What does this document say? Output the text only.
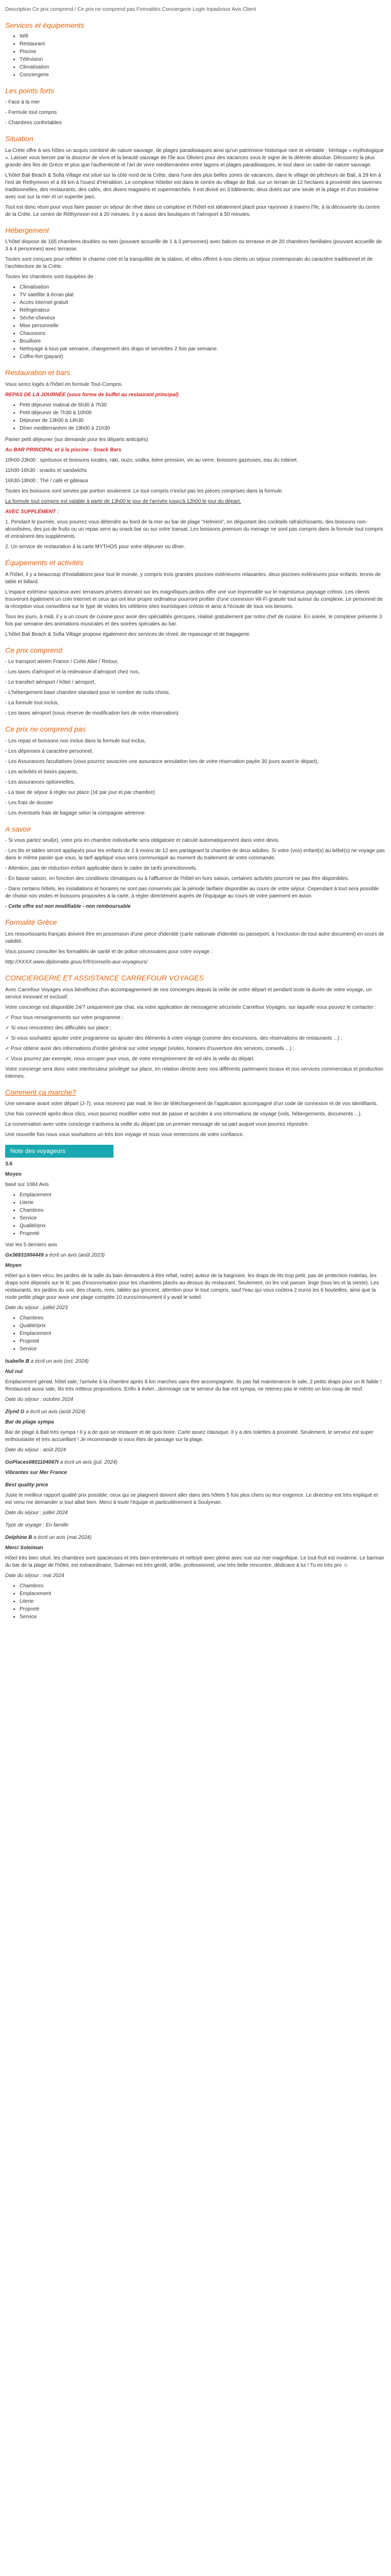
Description Ce prix comprend / Ce prix ne comprend pas Formalités Conciergerie Login tripadvisor Avis Client

Services et équipements
• Wifi
• Restaurant
• Piscine
• Télévision
• Climatisation
• Conciergerie
Les points forts

- Face à la mer

- Formule tout compris

- Chambres confortables

Situation

La Crète offre à ses hôtes un acquis combiné de nature sauvage, de plages paradisiaques ainsi qu'un patrimoine historique rare et véritable ; héritage « mythologique ». Laisser vous bercer par la douceur de vivre et la beauté sauvage de l'île aux Oliviers pour des vacances sous le signe de la détente absolue. Découvrez la plus grande des îles de Grèce et plus que l'authenticité et l'art de vivre méditerranéen entre lagons et plages paradisiaques, le tout dans un cadre de nature sauvage.

L'hôtel Bali Beach & Sofia Village est situé sur la côte nord de la Crète, dans l'une des plus belles zones de vacances, dans le village de pêcheurs de Bali, à 29 km à l'est de Rethymnon et à 49 km à l'ouest d'Héraklion. Le complexe hôtelier est dans le centre du village de Bali, sur un terrain de 12 hectares à proximité des tavernes traditionnelles, des restaurants, des cafés, des divers magasins et supermarchés. Il est divisé en 3 bâtiments, deux dotés sur une seule et la plage et d'un troisième avec vue sur la mer et un superbe parc.

Tout est donc réuni pour vous faire passer un séjour de rêve dans ce complexe et l'hôtel est idéalement placé pour rayonner à travers l'île, à la découverte du centre de la Crète. Le centre de Réthymnon est à 20 minutes. Il y a aussi des boutiques et l'aéroport à 50 minutes.

Hébergement

L'hôtel dispose de 165 chambres doubles ou twin (pouvant accueillir de 1 à 3 personnes) avec balcon ou terrasse et de 20 chambres familiales (pouvant accueillir de 3 à 4 personnes) avec terrasse.

Toutes sont conçues pour refléter le charme créé et la tranquillité de la station, et elles offrent à nos clients un séjour contemporain du caractère traditionnel et de l'architecture de la Crète.

Toutes les chambres sont équipées de :

• Climatisation
• TV satellite à écran plat
• Accès internet gratuit
• Réfrigérateur
• Sèche-cheveux
• Mise personnelle
• Chaussons
• Bouilloire
• Nettoyage à tous par semaine, changement des draps et serviettes 2 fois par semaine.
• Coffre-fort (payant)
Restauration et bars

Vous serez logés à l'hôtel en formule Tout-Compris.

REPAS DE LA JOURNÉE (sous forme de buffet au restaurant principal)

• Petit déjeuner matinal de 6h30 à 7h30
• Petit déjeuner de 7h30 à 10h00
• Déjeuner de 13h00 à 14h30
• Dîner mediterranéen de 19h00 à 21h30

Panier petit déjeuner (sur demande pour les départs anticipés)

Au BAR PRINCIPAL et à la piscine - Snack Bars

10h00-23h00 : spiritueux et boissons locales, raki, ouzo, vodka, bière pression, vin au verre, boissons gazeuses, eau du robinet.

11h00-16h30 : snacks et sandwichs

16h30-18h00 : Thé / café et gâteaux

Toutes les boissons sont servies par portion seulement. Le tout compris n'inclut pas les pièces comprises dans la formule.

La formule tout compris est valable à partir de 13h00 le jour de l'arrivée jusqu'à 12h00 le jour du départ.

AVEC SUPPLÉMENT :

1. Pendant le journée, vous pourrez vous détendre au bord de la mer au bar de plage "Helmimi", en dégustant des cocktails rafraîchissants, des boissons non-alcoolisées, des jus de fruits ou un repas servi au snack bar ou sur votre transat. Les boissons premium du menage ne sont pas compris dans la formule tout compris et entraînent des suppléments.

2. Un service de restauration à la carte MYTHOS pour votre déjeuner ou dîner.

Équipements et activités

A l'hôtel, il y a beaucoup d'installations pour tout le monde, y compris trois grandes piscines extérieures relaxantes, deux piscines extérieures pour enfants, tennis de table et billard.

L'espace extérieur spacieux avec terrasses privées donnant sur les magnifiques jardins offre une vue imprenable sur le majestueux paysage crétois. Les clients trouveront également un coin Internet et ceux qui ont leur propre ordinateur pourront profiter d'une connexion Wi-Fi gratuite tout autour du complexe. Le personnel de la réception vous conseillera sur le type de visites les célèbres sites touristiques crétois et ainsi à l'écoute de tous vos besoins.

Tous les jours, à midi, il y a un cours de cuisine pour avoir des spécialités grecques, réalisé gratuitement par notre chef de cuisine. En soirée, le complexe présente 3 fois par semaine des animations musicales et des soirées spéciales au bar.

L'hôtel Bali Beach & Sofia Village propose également des services de réveil, de repassage et de bagagerie.

Ce prix comprend

- Le transport aérien France / Crète Aller / Retour,

- Les taxes d'aéroport et la redevance d'aéroport chez nos,

- Le transfert aéroport / hôtel / aéroport,

- L'hébergement base chambre standard pour le nombre de nuits choisi,

- La formule tout inclus,

- Les taxes aéroport (sous réserve de modification lors de votre réservation)

Ce prix ne comprend pas

- Les repas et boissons non inclus dans la formule tout inclus,

- Les dépenses à caractère personnel,

- Les Assurances facultatives (vous pourrez souscrire une assurance annulation lors de votre réservation payée 30 jours avant le départ),

- Les activités et loisirs payants,

- Les assurances optionnelles,

- La taxe de séjour à régler sur place (1€ par jour et par chambre)

- Les frais de dossier

- Les éventuels frais de bagage selon la compagnie aérienne.

A savoir

- Si vous partez seul(e), votre prix en chambre individuelle sera obligatoire et calculé automatiquement dans votre devis.

- Les lits et tables seront appliqués pour les enfants de 2 à moins de 12 ans partageant la chambre de deux adultes. Si votre (vos) enfant(s) au bébé(s) ne voyage pas dans le même panier que vous, la tarif appliqué vous sera communiqué au moment du traitement de votre commande.

- Attention, pas de réduction enfant applicable dans le cadre de tarifs promotionnels.

- En basse saison, en fonction des conditions climatiques ou à l'affluence de l'hôtel en hors saison, certaines activités pourront ne pas être disponibles.

- Dans certains hôtels, les installations et horaires ne sont pas conservés par la période tarifaire disponible au cours de votre séjour. Cependant à tout sera possible de choisir nos visites et boissons proposées à la carte, à régler directement auprès de l'équipage au cours de votre paiement en avion.

- Cette offre est non modifiable - non remboursable

Formalité Grèce

Les ressortissants français doivent être en possession d'une pièce d'identité (carte nationale d'identité ou passeport, à l'exclusion de tout autre document) en cours de validité.

Vous pouvez consulter les formalités de santé et de police nécessaires pour votre voyage :

http://XXXX.www.diplomatie.gouv.fr/fr/conseils-aux-voyageurs/

CONCIERGERIE ET ASSISTANCE CARREFOUR VOYAGES

Avec Carrefour Voyages vous bénéficiez d'un accompagnement de nos concierges depuis la veille de votre départ et pendant toute la durée de votre voyage, un service innovant et exclusif.

Votre concierge est disponible 24/7 uniquement par chat, via votre application de messagerie sécurisée Carrefour Voyages, sur laquelle vous pouvez le contacter :

✓ Pour tous renseignements sur votre programme ;

✓ Si vous rencontrez des difficultés sur place ;

✓ Si vous souhaitez ajouter votre programme ou ajouter des éléments à votre voyage (comme des excursions, des réservations de restaurants ...) ;

✓ Pour obtenir avoir des informations d'ordre général sur votre voyage (visites, horaires d'ouverture des services, conseils ...) ;

✓ Vous pourrez par exemple, nous occuper pour vous, de votre enregistrement de vol dès la veille du départ.

Votre concierge sera donc votre interlocuteur privilégié sur place, en relation directe avec nos différents partenaires locaux et nos services commerciaux et production internes.

Comment ça marche?

Une semaine avant votre départ (J-7), vous recevrez par mail, le lien de téléchargement de l'application accompagné d'un code de connexion et de vos identifiants.

Une fois connecté après deux clics, vous pourrez modifier votre mot de passe et accéder à vos informations de voyage (vols, hébergements, documents ...).

La conversation avec votre concierge s'activera la veille du départ par un premier message de sa part auquel vous pourrez répondre.

Une nouvelle fois nous vous souhaitons un très bon voyage et nous vous remercions de votre confiance.

Note des voyageurs

3.6

Moyen

basé sur 1084 Avis

• Emplacement
• Literie
• Chambres
• Service
• Qualité/prix
• Propreté

Voir les 5 derniers avis

Gx36831004449 a écrit un avis (août 2023)

Moyen

Hôtel qui a bien vécu, les jardins de la salle du bain demandent à être refait, notre) auteur de la baignoire, les draps de lits trop petit, pas de protection matelas, les draps sont déposés sur le lit, pas d'insonorisation pour les chambres placés au-dessus du restaurant. Seulement, on les voit passer, linge (tous les et la sieste). Les restaurants, les jardins du soir, des chants, rires, tables qui grincent, attention pour le tout compris, sauf l'eau qui vous coûtera 2 euros les 6 bouteilles, ainsi que la route petite plage pour avoir une plage comptée 10 euros/monument il y avait le soleil.

Date du séjour : juillet 2023

• Chambres
• Qualité/prix
• Emplacement
• Propreté
• Service

Isabelle B a écrit un avis (oct. 2024)

Nul nul

Emplacement génial, hôtel sale, l'arrivée à la chambre après 8 km marches sans être accompagnée. Ils pas fait maintenance le sale, 2 petits draps pour un lit faible ! Restaurant aussi sale, lits très mitteux propositions. Enfin à éviter...dommage car le serveur du bar est sympa, ne retenez-pas le ménto un bon coup de neuf.

Date du séjour : octobre 2024

Zlynd G a écrit un avis (août 2024)

Bar de plage sympa

Bar de plage à Bali très sympa ! Il y a de quoi se restaurer et de quoi boire. Carte assez classique. Il y a des toilettes à proximité. Seulement, le serveur est super enthousiaste et très accueillant ! Je recommande si vous êtes de passage sur la plage.

Date du séjour : août 2024

GoPlaces0801104067t a écrit un avis (juil. 2024)

Vibrantes sur Mer France

Best quality price

Juste le meilleur rapport qualité prix possible, ceux qui se plaignent doivent aller dans des hôtels 5 fois plus chers ou leur exigence. Le directeur est très impliqué et est venu me demander si tout allait bien. Merci à toute l'équipe et particulièrement à Soulyman.

Date du séjour : juillet 2024

Type de voyage : En famille

Delphine B a écrit un avis (mai 2024)

Merci Soleiman

Hôtel très bien situé, les chambres sont spacieuses et très bien entretenues et nettoyé avec pleine avec vue sur mer magnifique. Le tout-fruit est moderne. Le barman du bar de la plage de l'hôtel, est extraordinaire, Suleman est très gentil, drôle, professionnel, une très belle rencontre, dédicace à lui ! Tu es très pro ☺

Date du séjour : mai 2024

• Chambres
• Emplacement
• Literie
• Propreté
• Service
